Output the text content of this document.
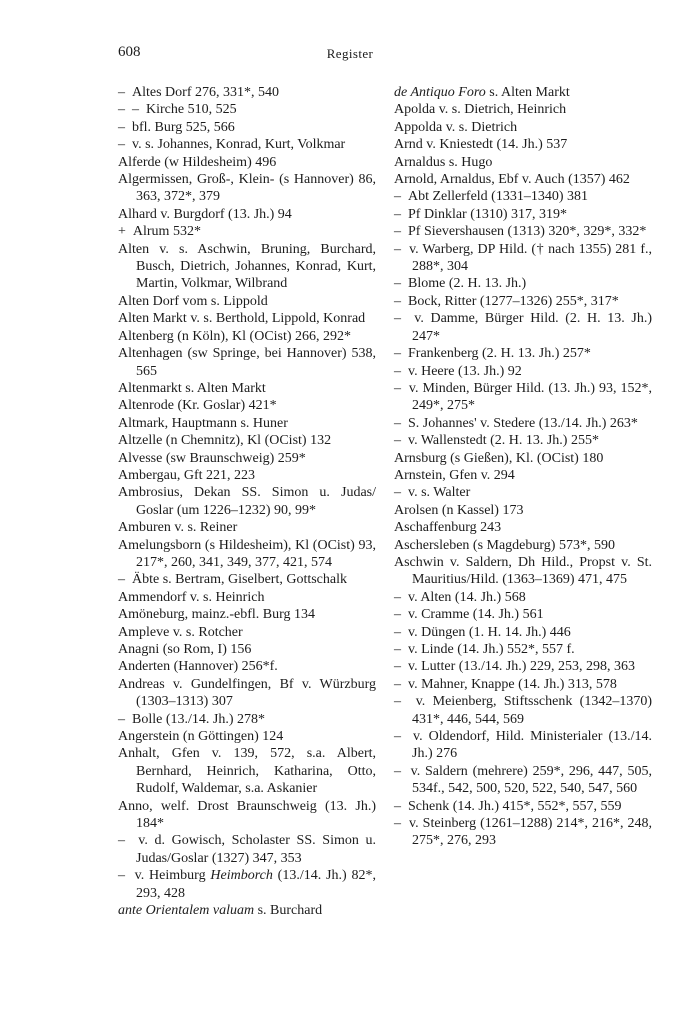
608	Register

–  Altes Dorf 276, 331*, 540

–  –  Kirche 510, 525

–  bfl. Burg 525, 566

–  v. s. Johannes, Konrad, Kurt, Volkmar

Alferde (w Hildesheim) 496

Algermissen, Groß-, Klein- (s Hannover) 86, 363, 372*, 379

Alhard v. Burgdorf (13. Jh.) 94

+  Alrum 532*

Alten v. s. Aschwin, Bruning, Burchard, Busch, Dietrich, Johannes, Konrad, Kurt, Martin, Volkmar, Wilbrand

Alten Dorf vom s. Lippold

Alten Markt v. s. Berthold, Lippold, Konrad

Altenberg (n Köln), Kl (OCist) 266, 292*

Altenhagen (sw Springe, bei Hannover) 538, 565

Altenmarkt s. Alten Markt

Altenrode (Kr. Goslar) 421*

Altmark, Hauptmann s. Huner

Altzelle (n Chemnitz), Kl (OCist) 132

Alvesse (sw Braunschweig) 259*

Ambergau, Gft 221, 223

Ambrosius, Dekan SS. Simon u. Judas/ Goslar (um 1226–1232) 90, 99*

Amburen v. s. Reiner

Amelungsborn (s Hildesheim), Kl (OCist) 93, 217*, 260, 341, 349, 377, 421, 574

–  Äbte s. Bertram, Giselbert, Gottschalk

Ammendorf v. s. Heinrich

Amöneburg, mainz.-ebfl. Burg 134

Ampleve v. s. Rotcher

Anagni (so Rom, I) 156

Anderten (Hannover) 256*f.

Andreas v. Gundelfingen, Bf v. Würzburg (1303–1313) 307

–  Bolle (13./14. Jh.) 278*

Angerstein (n Göttingen) 124

Anhalt, Gfen v. 139, 572, s.a. Albert, Bernhard, Heinrich, Katharina, Otto, Rudolf, Waldemar, s.a. Askanier

Anno, welf. Drost Braunschweig (13. Jh.) 184*

–  v. d. Gowisch, Scholaster SS. Simon u. Judas/Goslar (1327) 347, 353

–  v. Heimburg Heimborch (13./14. Jh.) 82*, 293, 428

ante Orientalem valuam s. Burchard

de Antiquo Foro s. Alten Markt

Apolda v. s. Dietrich, Heinrich

Appolda v. s. Dietrich

Arnd v. Kniestedt (14. Jh.) 537

Arnaldus s. Hugo

Arnold, Arnaldus, Ebf v. Auch (1357) 462

–  Abt Zellerfeld (1331–1340) 381

–  Pf Dinklar (1310) 317, 319*

–  Pf Sievershausen (1313) 320*, 329*, 332*

–  v. Warberg, DP Hild. († nach 1355) 281 f., 288*, 304

–  Blome (2. H. 13. Jh.)

–  Bock, Ritter (1277–1326) 255*, 317*

–  v. Damme, Bürger Hild. (2. H. 13. Jh.) 247*

–  Frankenberg (2. H. 13. Jh.) 257*

–  v. Heere (13. Jh.) 92

–  v. Minden, Bürger Hild. (13. Jh.) 93, 152*, 249*, 275*

–  S. Johannes' v. Stedere (13./14. Jh.) 263*

–  v. Wallenstedt (2. H. 13. Jh.) 255*

Arnsburg (s Gießen), Kl. (OCist) 180

Arnstein, Gfen v. 294

–  v. s. Walter

Arolsen (n Kassel) 173

Aschaffenburg 243

Aschersleben (s Magdeburg) 573*, 590

Aschwin v. Saldern, Dh Hild., Propst v. St. Mauritius/Hild. (1363–1369) 471, 475

–  v. Alten (14. Jh.) 568

–  v. Cramme (14. Jh.) 561

–  v. Düngen (1. H. 14. Jh.) 446

–  v. Linde (14. Jh.) 552*, 557 f.

–  v. Lutter (13./14. Jh.) 229, 253, 298, 363

–  v. Mahner, Knappe (14. Jh.) 313, 578

–  v. Meienberg, Stiftsschenk (1342–1370) 431*, 446, 544, 569

–  v. Oldendorf, Hild. Ministerialer (13./14. Jh.) 276

–  v. Saldern (mehrere) 259*, 296, 447, 505, 534f., 542, 500, 520, 522, 540, 547, 560

–  Schenk (14. Jh.) 415*, 552*, 557, 559

–  v. Steinberg (1261–1288) 214*, 216*, 248, 275*, 276, 293
